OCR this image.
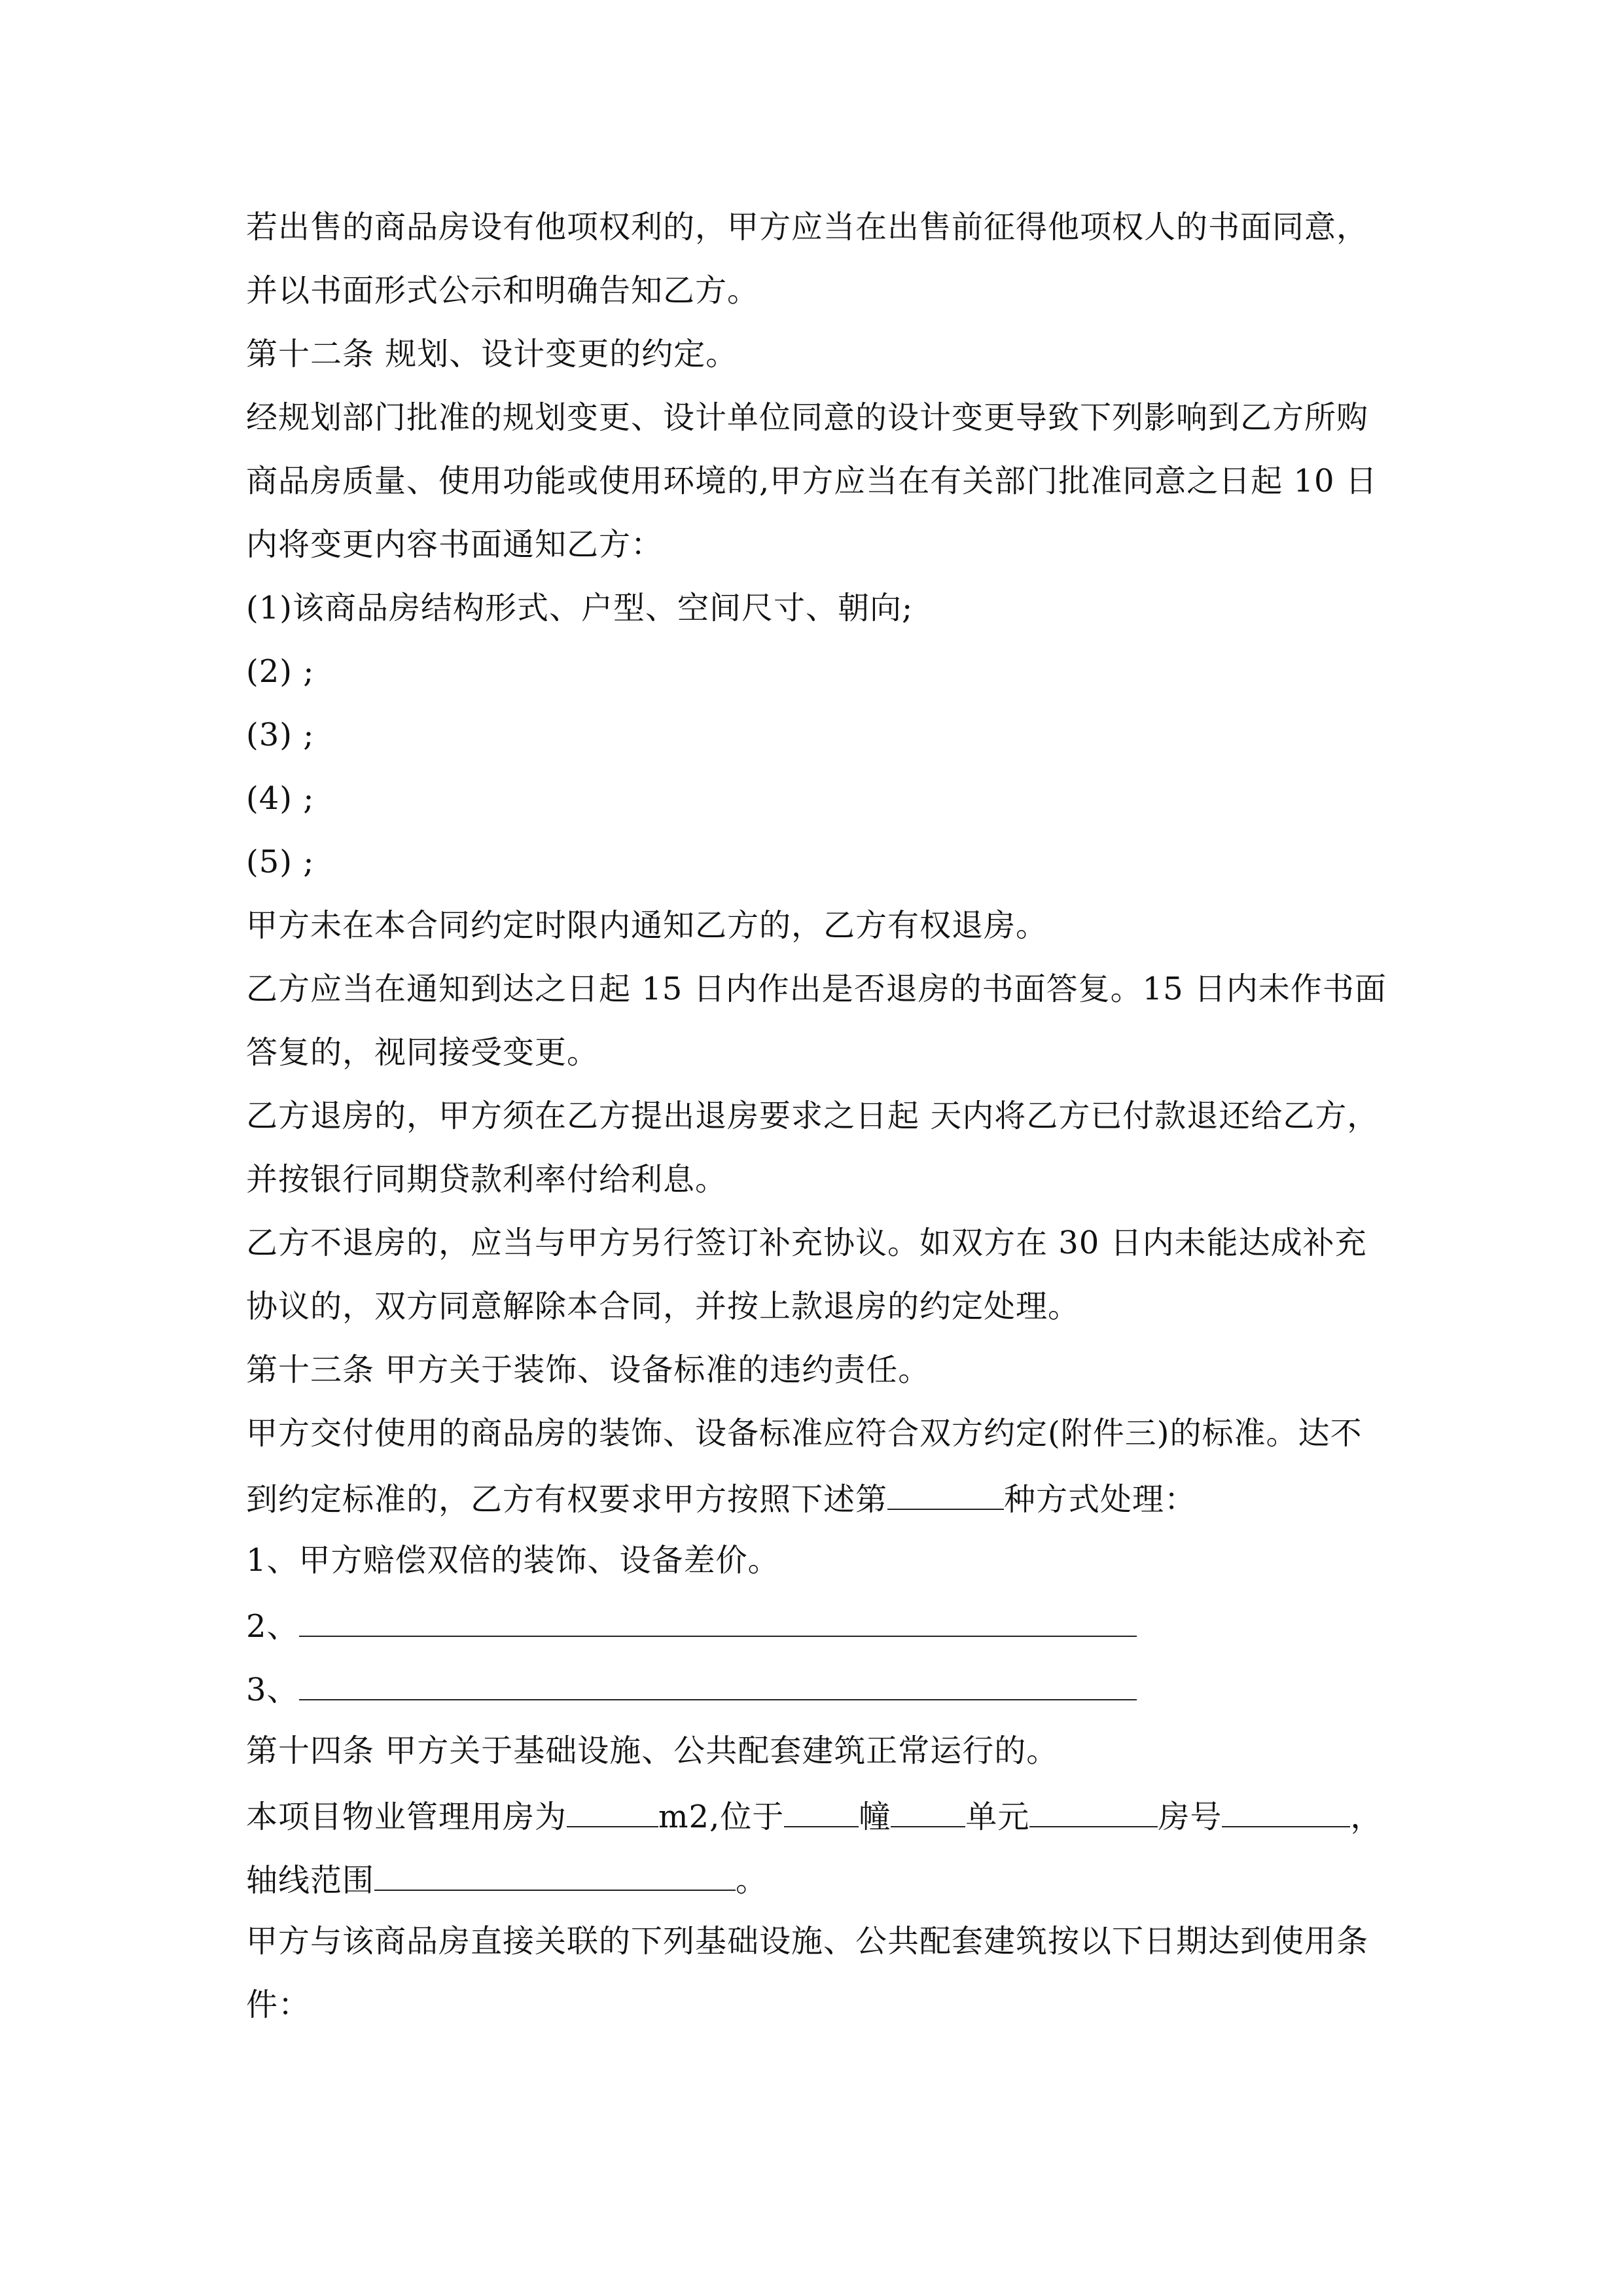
若出售的商品房设有他项权利的，甲方应当在出售前征得他项权人的书面同意，
并以书面形式公示和明确告知乙方。
第十二条 规划、设计变更的约定。
经规划部门批准的规划变更、设计单位同意的设计变更导致下列影响到乙方所购
商品房质量、使用功能或使用环境的,甲方应当在有关部门批准同意之日起 10 日
内将变更内容书面通知乙方：
(1)该商品房结构形式、户型、空间尺寸、朝向;
(2) ;
(3) ;
(4) ;
(5) ;
甲方未在本合同约定时限内通知乙方的，乙方有权退房。
乙方应当在通知到达之日起 15 日内作出是否退房的书面答复。15 日内未作书面
答复的，视同接受变更。
乙方退房的，甲方须在乙方提出退房要求之日起 天内将乙方已付款退还给乙方，
并按银行同期贷款利率付给利息。
乙方不退房的，应当与甲方另行签订补充协议。如双方在 30 日内未能达成补充
协议的，双方同意解除本合同，并按上款退房的约定处理。
第十三条 甲方关于装饰、设备标准的违约责任。
甲方交付使用的商品房的装饰、设备标准应符合双方约定(附件三)的标准。达不
到约定标准的，乙方有权要求甲方按照下述第	种方式处理：
1、甲方赔偿双倍的装饰、设备差价。
2、
3、
第十四条 甲方关于基础设施、公共配套建筑正常运行的。
本项目物业管理用房为	m2,位于 幢 单元	房号	，
轴线范围	。
甲方与该商品房直接关联的下列基础设施、公共配套建筑按以下日期达到使用条
件：
